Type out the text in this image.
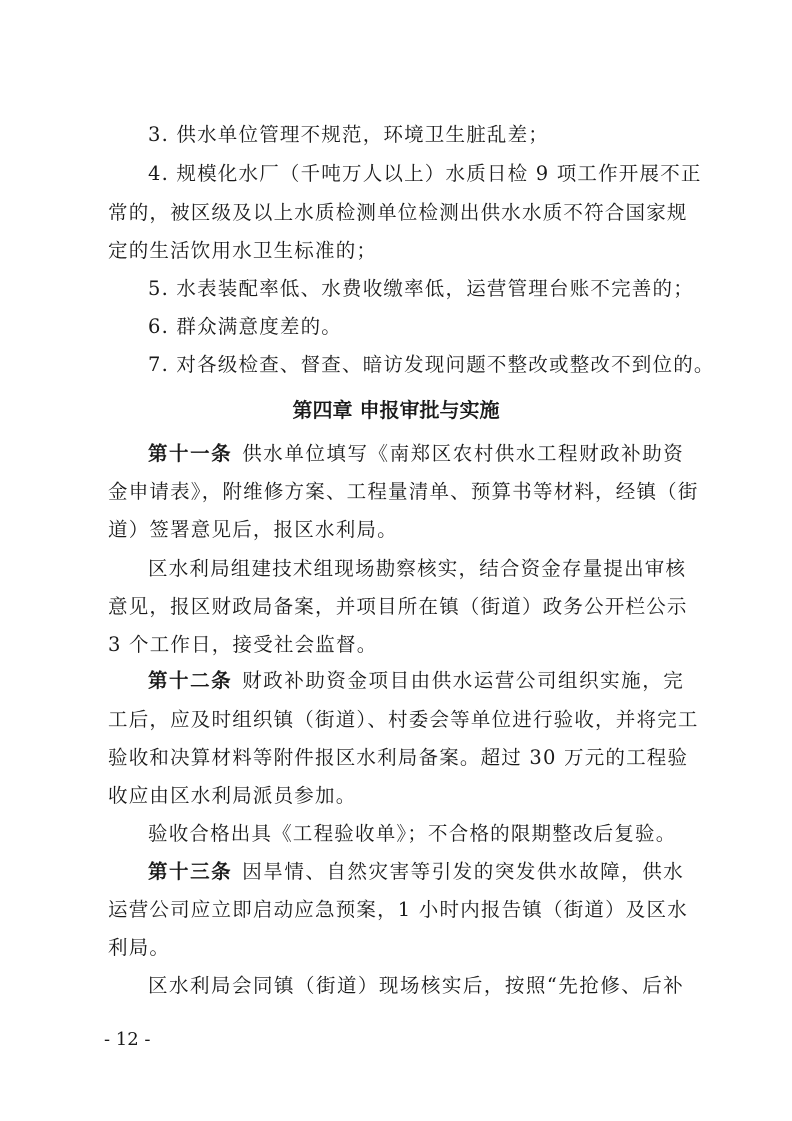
3. 供水单位管理不规范，环境卫生脏乱差；
4. 规模化水厂（千吨万人以上）水质日检 9 项工作开展不正
常的，被区级及以上水质检测单位检测出供水水质不符合国家规
定的生活饮用水卫生标准的；
5. 水表装配率低、水费收缴率低，运营管理台账不完善的；
6. 群众满意度差的。
7. 对各级检查、督查、暗访发现问题不整改或整改不到位的。
第四章 申报审批与实施
第十一条 供水单位填写《南郑区农村供水工程财政补助资
金申请表》，附维修方案、工程量清单、预算书等材料，经镇（街
道）签署意见后，报区水利局。
区水利局组建技术组现场勘察核实，结合资金存量提出审核
意见，报区财政局备案，并项目所在镇（街道）政务公开栏公示
3 个工作日，接受社会监督。
第十二条 财政补助资金项目由供水运营公司组织实施，完
工后，应及时组织镇（街道）、村委会等单位进行验收，并将完工
验收和决算材料等附件报区水利局备案。超过 30 万元的工程验
收应由区水利局派员参加。
验收合格出具《工程验收单》；不合格的限期整改后复验。
第十三条 因旱情、自然灾害等引发的突发供水故障，供水
运营公司应立即启动应急预案，1 小时内报告镇（街道）及区水
利局。
区水利局会同镇（街道）现场核实后，按照“先抢修、后补
- 12 -
